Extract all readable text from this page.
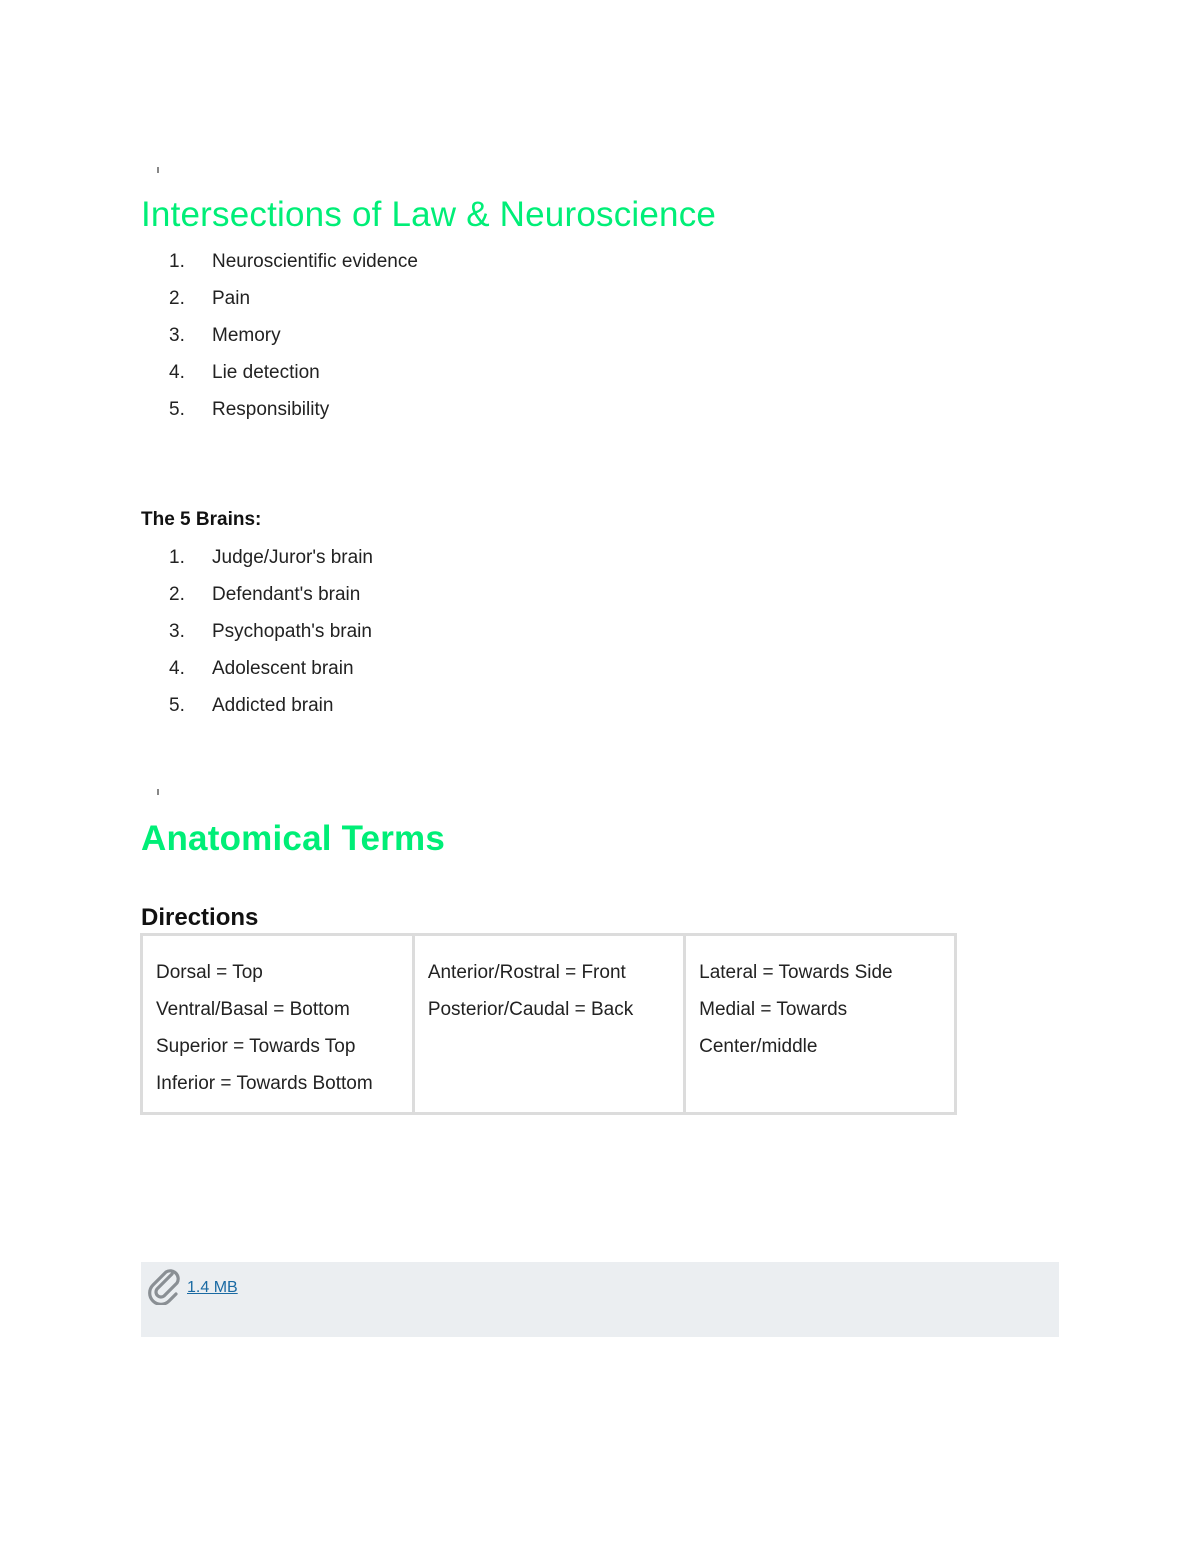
Intersections of Law & Neuroscience
1. Neuroscientific evidence
2. Pain
3. Memory
4. Lie detection
5. Responsibility

The 5 Brains:

1. Judge/Juror's brain
2. Defendant's brain
3. Psychopath's brain
4. Adolescent brain
5. Addicted brain
Anatomical Terms
Directions
Dorsal = Top
Ventral/Basal = Bottom
Superior = Towards Top
Inferior = Towards Bottom

Anterior/Rostral = Front
Posterior/Caudal = Back

Lateral = Towards Side
Medial = Towards
Center/middle
1.4 MB
